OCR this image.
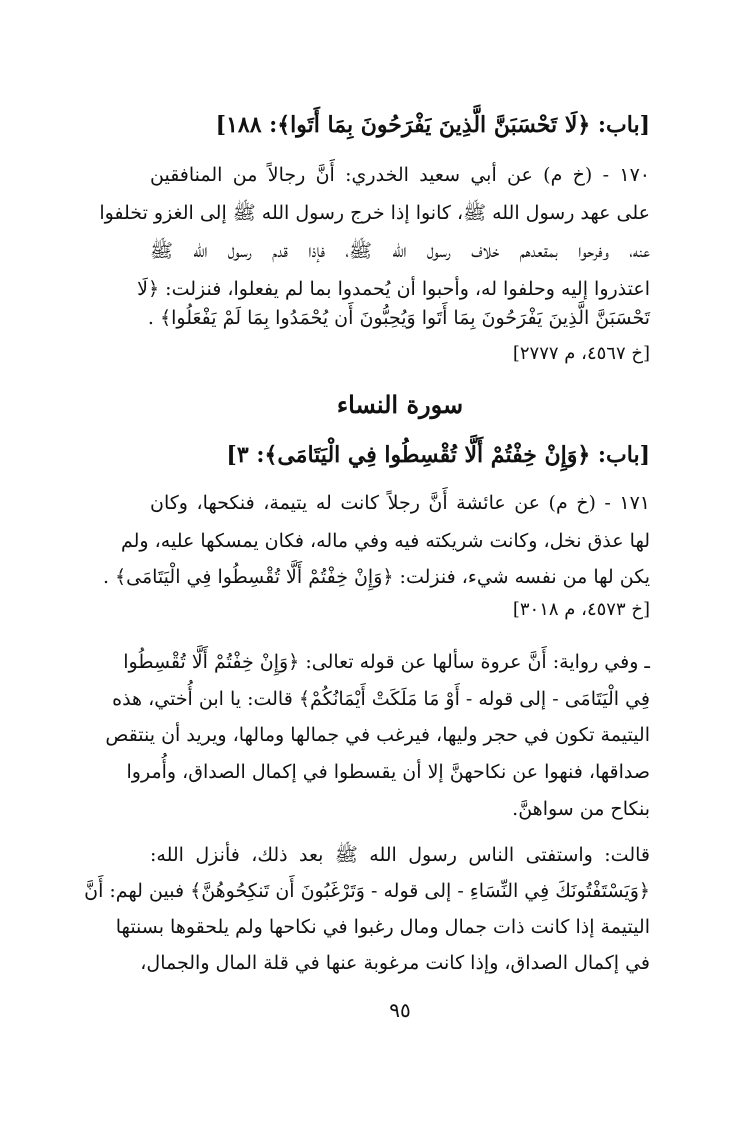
[باب: ﴿لَا تَحْسَبَنَّ الَّذِينَ يَفْرَحُونَ بِمَا أَتَوا﴾: ١٨٨]
١٧٠ - (خ م) عن أبي سعيد الخدري: أَنَّ رجالاً من المنافقين
على عهد رسول الله ﷺ، كانوا إذا خرج رسول الله ﷺ إلى الغزو تخلفوا
عنه، وفرحوا بمقعدهم خلاف رسول الله ﷺ، فإذا قدم رسول الله ﷺ
اعتذروا إليه وحلفوا له، وأحبوا أن يُحمدوا بما لم يفعلوا، فنزلت: ﴿لَا
تَحْسَبَنَّ الَّذِينَ يَفْرَحُونَ بِمَا أَتَوا وَيُحِبُّونَ أَن يُحْمَدُوا بِمَا لَمْ يَفْعَلُوا﴾ .
[خ ٤٥٦٧، م ٢٧٧٧]
سورة النساء
[باب: ﴿وَإِنْ خِفْتُمْ أَلَّا تُقْسِطُوا فِي الْيَتَامَى﴾: ٣]
١٧١ - (خ م) عن عائشة أَنَّ رجلاً كانت له يتيمة، فنكحها، وكان
لها عذق نخل، وكانت شريكته فيه وفي ماله، فكان يمسكها عليه، ولم
يكن لها من نفسه شيء، فنزلت: ﴿وَإِنْ خِفْتُمْ أَلَّا تُقْسِطُوا فِي الْيَتَامَى﴾ .
[خ ٤٥٧٣، م ٣٠١٨]
ـ وفي رواية: أَنَّ عروة سألها عن قوله تعالى: ﴿وَإِنْ خِفْتُمْ أَلَّا تُقْسِطُوا
فِي الْيَتَامَى - إلى قوله - أَوْ مَا مَلَكَتْ أَيْمَانُكُمْ﴾ قالت: يا ابن أُختي، هذه
اليتيمة تكون في حجر وليها، فيرغب في جمالها ومالها، ويريد أن ينتقص
صداقها، فنهوا عن نكاحهنَّ إلا أن يقسطوا في إكمال الصداق، وأُمروا
بنكاح من سواهنَّ.
قالت: واستفتى الناس رسول الله ﷺ بعد ذلك، فأنزل الله:
﴿وَيَسْتَفْتُونَكَ فِي النِّسَاءِ - إلى قوله - وَتَرْغَبُونَ أَن تَنكِحُوهُنَّ﴾ فبين لهم: أَنَّ
اليتيمة إذا كانت ذات جمال ومال رغبوا في نكاحها ولم يلحقوها بسنتها
في إكمال الصداق، وإذا كانت مرغوبة عنها في قلة المال والجمال،
٩٥
